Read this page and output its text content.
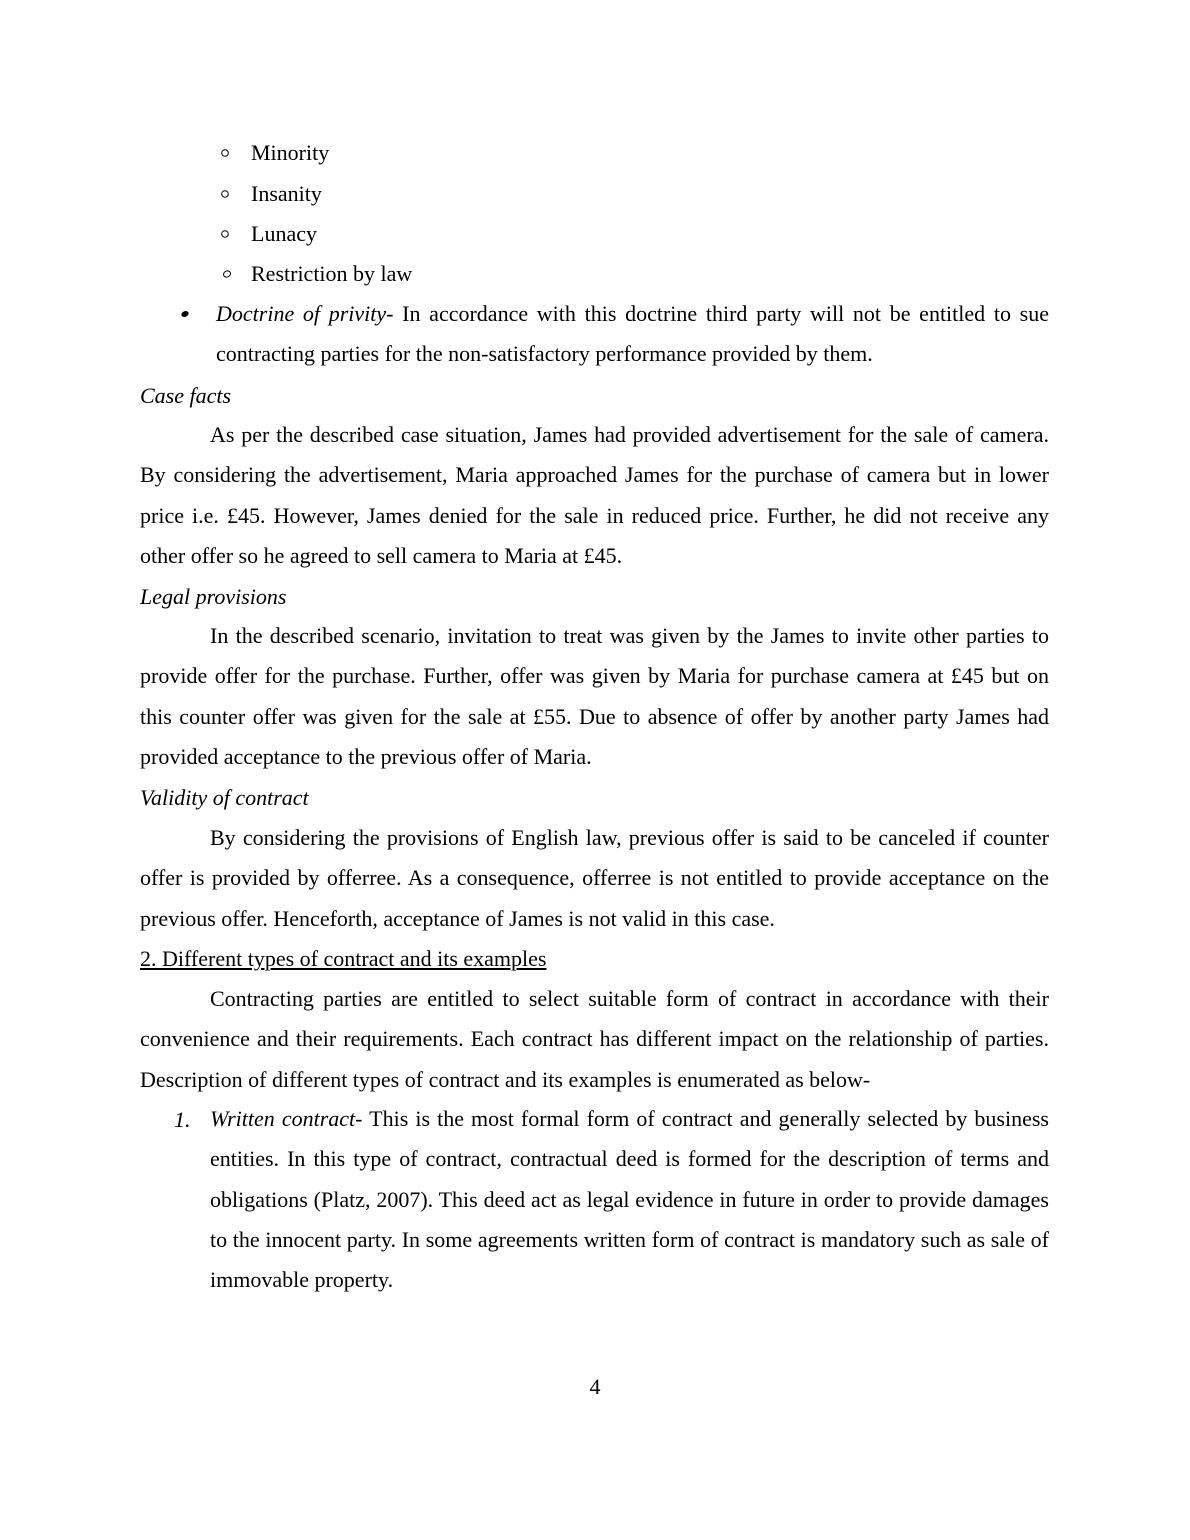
Minority
Insanity
Lunacy
Restriction by law
Doctrine of privity- In accordance with this doctrine third party will not be entitled to sue contracting parties for the non-satisfactory performance provided by them.
Case facts
As per the described case situation, James had provided advertisement for the sale of camera. By considering the advertisement, Maria approached James for the purchase of camera but in lower price i.e. £45. However, James denied for the sale in reduced price. Further, he did not receive any other offer so he agreed to sell camera to Maria at £45.
Legal provisions
In the described scenario, invitation to treat was given by the James to invite other parties to provide offer for the purchase. Further, offer was given by Maria for purchase camera at £45 but on this counter offer was given for the sale at £55. Due to absence of offer by another party James had provided acceptance to the previous offer of Maria.
Validity of contract
By considering the provisions of English law, previous offer is said to be canceled if counter offer is provided by offerree. As a consequence, offerree is not entitled to provide acceptance on the previous offer. Henceforth, acceptance of James is not valid in this case.
2. Different types of contract and its examples
Contracting parties are entitled to select suitable form of contract in accordance with their convenience and their requirements. Each contract has different impact on the relationship of parties. Description of different types of contract and its examples is enumerated as below-
1. Written contract- This is the most formal form of contract and generally selected by business entities. In this type of contract, contractual deed is formed for the description of terms and obligations (Platz, 2007). This deed act as legal evidence in future in order to provide damages to the innocent party. In some agreements written form of contract is mandatory such as sale of immovable property.
4
